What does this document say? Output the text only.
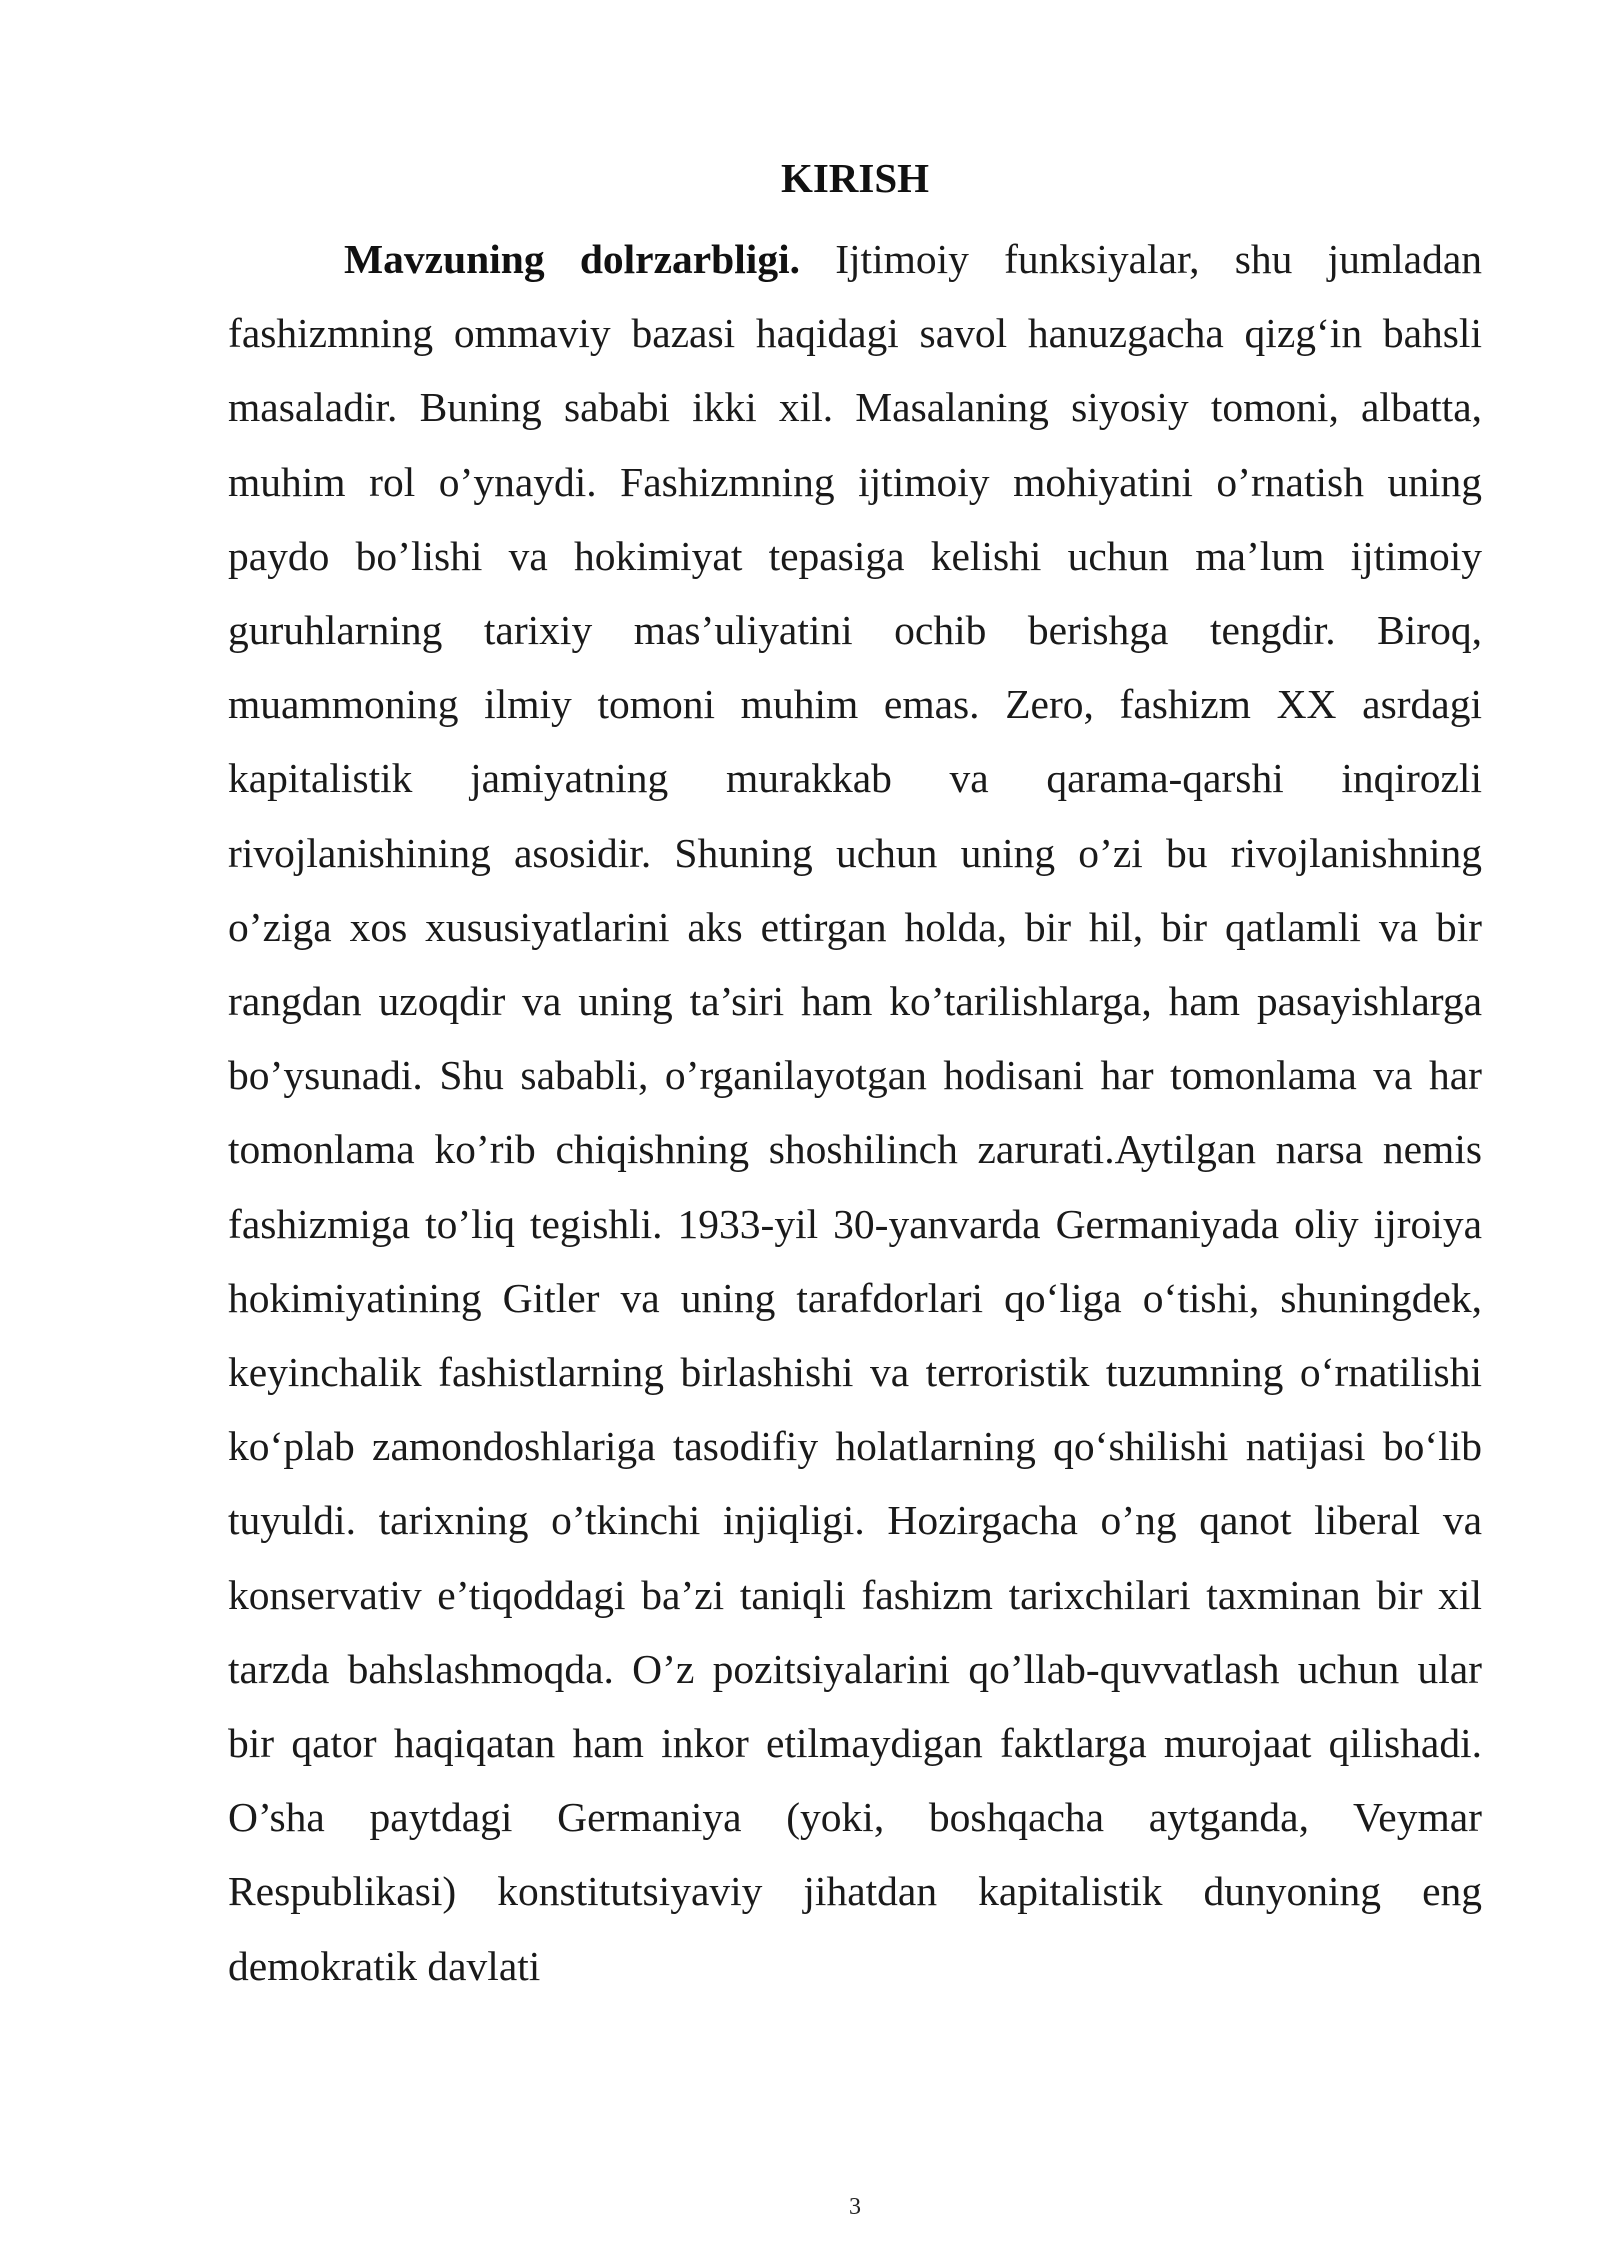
KIRISH

Mavzuning dolrzarbligi. Ijtimoiy funksiyalar, shu jumladan fashizmning ommaviy bazasi haqidagi savol hanuzgacha qizg‘in bahsli masaladir. Buning sababi ikki xil. Masalaning siyosiy tomoni, albatta, muhim rol o’ynaydi. Fashizmning ijtimoiy mohiyatini o’rnatish uning paydo bo’lishi va hokimiyat tepasiga kelishi uchun ma’lum ijtimoiy guruhlarning tarixiy mas’uliyatini ochib berishga tengdir. Biroq, muammoning ilmiy tomoni muhim emas. Zero, fashizm XX asrdagi kapitalistik jamiyatning murakkab va qarama-qarshi inqirozli rivojlanishining asosidir. Shuning uchun uning o’zi bu rivojlanishning o’ziga xos xususiyatlarini aks ettirgan holda, bir hil, bir qatlamli va bir rangdan uzoqdir va uning ta’siri ham ko’tarilishlarga, ham pasayishlarga bo’ysunadi. Shu sababli, o’rganilayotgan hodisani har tomonlama va har tomonlama ko’rib chiqishning shoshilinch zarurati.Aytilgan narsa nemis fashizmiga to’liq tegishli. 1933-yil 30-yanvarda Germaniyada oliy ijroiya hokimiyatining Gitler va uning tarafdorlari qo‘liga o‘tishi, shuningdek, keyinchalik fashistlarning birlashishi va terroristik tuzumning o‘rnatilishi ko‘plab zamondoshlariga tasodifiy holatlarning qo‘shilishi natijasi bo‘lib tuyuldi. tarixning o’tkinchi injiqligi. Hozirgacha o’ng qanot liberal va konservativ e’tiqoddagi ba’zi taniqli fashizm tarixchilari taxminan bir xil tarzda bahslashmoqda. O’z pozitsiyalarini qo’llab-quvvatlash uchun ular bir qator haqiqatan ham inkor etilmaydigan faktlarga murojaat qilishadi. O’sha paytdagi Germaniya (yoki, boshqacha aytganda, Veymar Respublikasi) konstitutsiyaviy jihatdan kapitalistik dunyoning eng demokratik davlati

3
